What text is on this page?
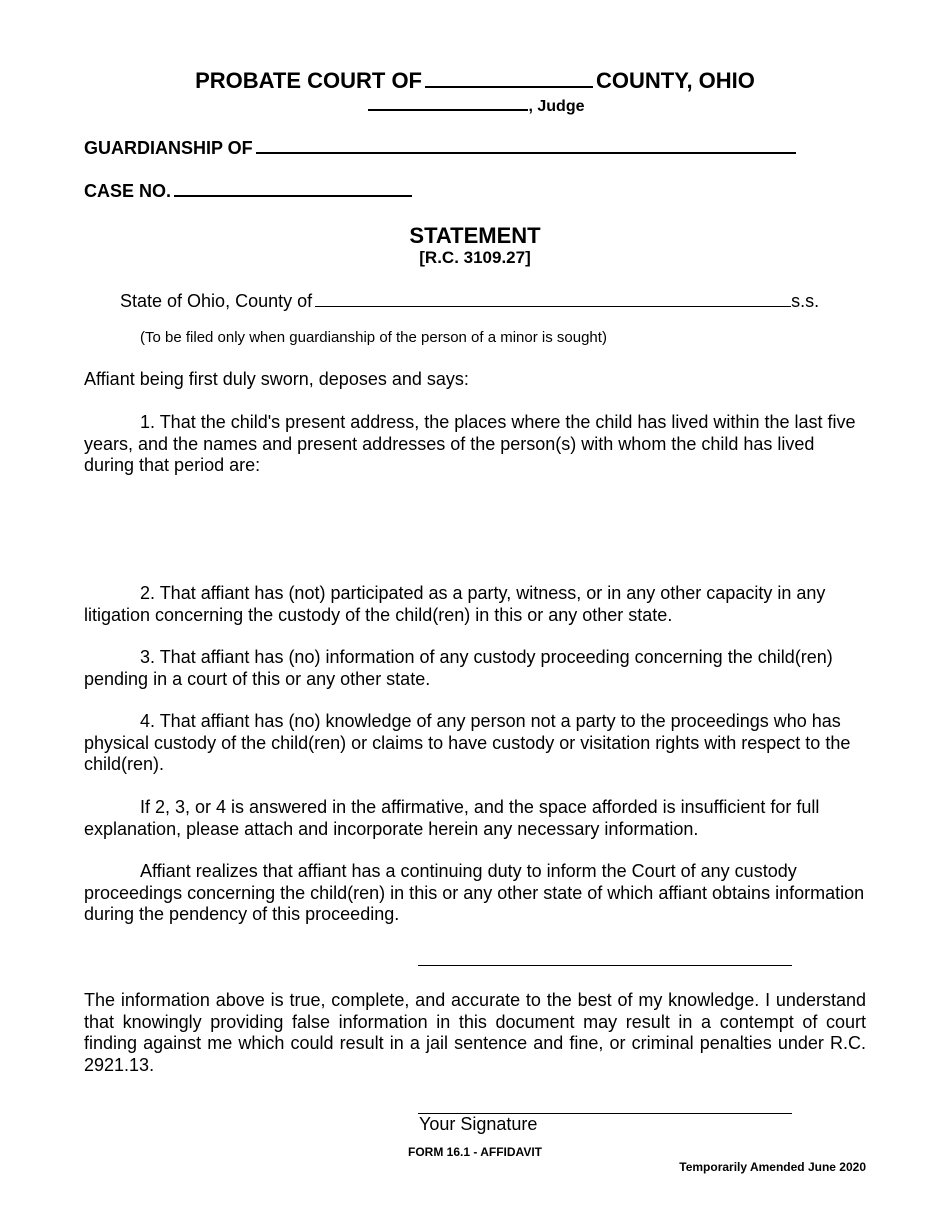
PROBATE COURT OF	COUNTY, OHIO
, Judge
GUARDIANSHIP OF
CASE NO.
STATEMENT
[R.C. 3109.27]
State of Ohio, County of	s.s.
(To be filed only when guardianship of the person of a minor is sought)
Affiant being first duly sworn, deposes and says:
1. That the child's present address, the places where the child has lived within the last five years, and the names and present addresses of the person(s) with whom the child has lived during that period are:
2. That affiant has (not) participated as a party, witness, or in any other capacity in any litigation concerning the custody of the child(ren) in this or any other state.
3. That affiant has (no) information of any custody proceeding concerning the child(ren) pending in a court of this or any other state.
4. That affiant has (no) knowledge of any person not a party to the proceedings who has physical custody of the child(ren) or claims to have custody or visitation rights with respect to the child(ren).
If 2, 3, or 4 is answered in the affirmative, and the space afforded is insufficient for full explanation, please attach and incorporate herein any necessary information.
Affiant realizes that affiant has a continuing duty to inform the Court of any custody proceedings concerning the child(ren) in this or any other state of which affiant obtains information during the pendency of this proceeding.
The information above is true, complete, and accurate to the best of my knowledge. I understand that knowingly providing false information in this document may result in a contempt of court finding against me which could result in a jail sentence and fine, or criminal penalties under R.C. 2921.13.
Your Signature
FORM 16.1 - AFFIDAVIT
Temporarily Amended June 2020
